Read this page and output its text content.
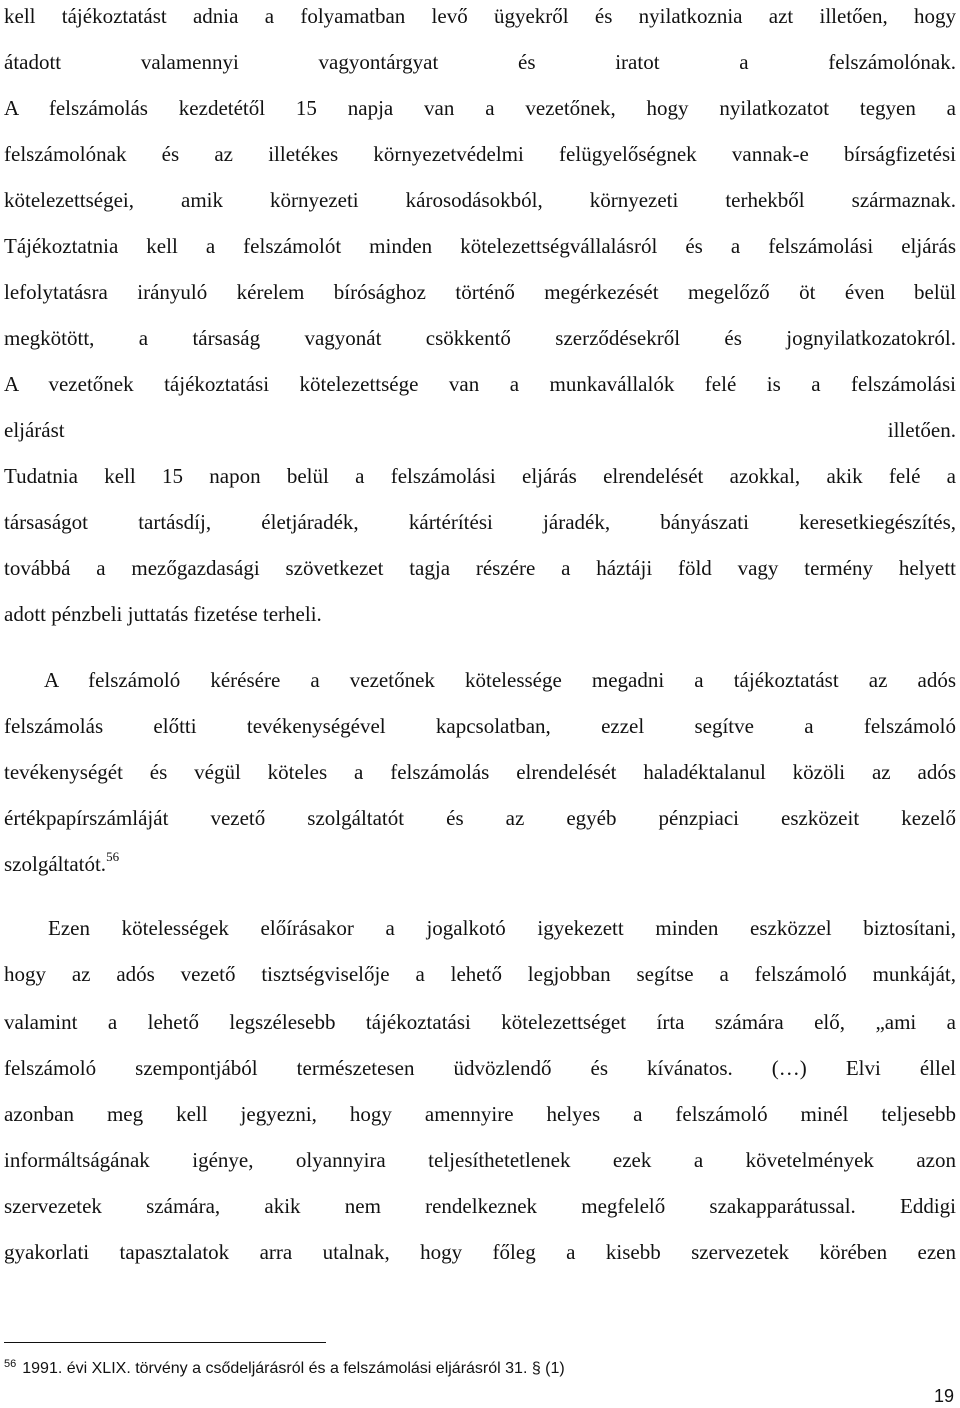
kell tájékoztatást adnia a folyamatban levő ügyekről és nyilatkoznia azt illetően, hogy
átadott valamennyi vagyontárgyat és iratot a felszámolónak.
A felszámolás kezdetétől 15 napja van a vezetőnek, hogy nyilatkozatot tegyen a
felszámolónak és az illetékes környezetvédelmi felügyelőségnek vannak-e bírságfizetési
kötelezettségei, amik környezeti károsodásokból, környezeti terhekből származnak.
Tájékoztatnia kell a felszámolót minden kötelezettségvállalásról és a felszámolási eljárás
lefolytatásra irányuló kérelem bírósághoz történő megérkezését megelőző öt éven belül
megkötött, a társaság vagyonát csökkentő szerződésekről és jognyilatkozatokról.
A vezetőnek tájékoztatási kötelezettsége van a munkavállalók felé is a felszámolási
eljárást	illetően.
Tudatnia kell 15 napon belül a felszámolási eljárás elrendelését azokkal, akik felé a
társaságot tartásdíj, életjáradék, kártérítési járadék, bányászati keresetkiegészítés,
továbbá a mezőgazdasági szövetkezet tagja részére a háztáji föld vagy termény helyett
adott pénzbeli juttatás fizetése terheli.
A felszámoló kérésére a vezetőnek kötelessége megadni a tájékoztatást az adós
felszámolás előtti tevékenységével kapcsolatban, ezzel segítve a felszámoló
tevékenységét és végül köteles a felszámolás elrendelését haladéktalanul közöli az adós
értékpapírszámláját vezető szolgáltatót és az egyéb pénzpiaci eszközeit kezelő
szolgáltatót.$^{56}$
Ezen kötelességek előírásakor a jogalkotó igyekezett minden eszközzel biztosítani,
hogy az adós vezető tisztségviselője a lehető legjobban segítse a felszámoló munkáját,
valamint a lehető legszélesebb tájékoztatási kötelezettséget írta számára elő, „ami a
felszámoló szempontjából természetesen üdvözlendő és kívánatos. (…) Elvi éllel
azonban meg kell jegyezni, hogy amennyire helyes a felszámoló minél teljesebb
informáltságának igénye, olyannyira teljesíthetetlenek ezek a követelmények azon
szervezetek számára, akik nem rendelkeznek megfelelő szakapparátussal. Eddigi
gyakorlati tapasztalatok arra utalnak, hogy főleg a kisebb szervezetek körében ezen
$^{56}$ 1991. évi XLIX. törvény a csődeljárásról és a felszámolási eljárásról 31. § (1)
19
